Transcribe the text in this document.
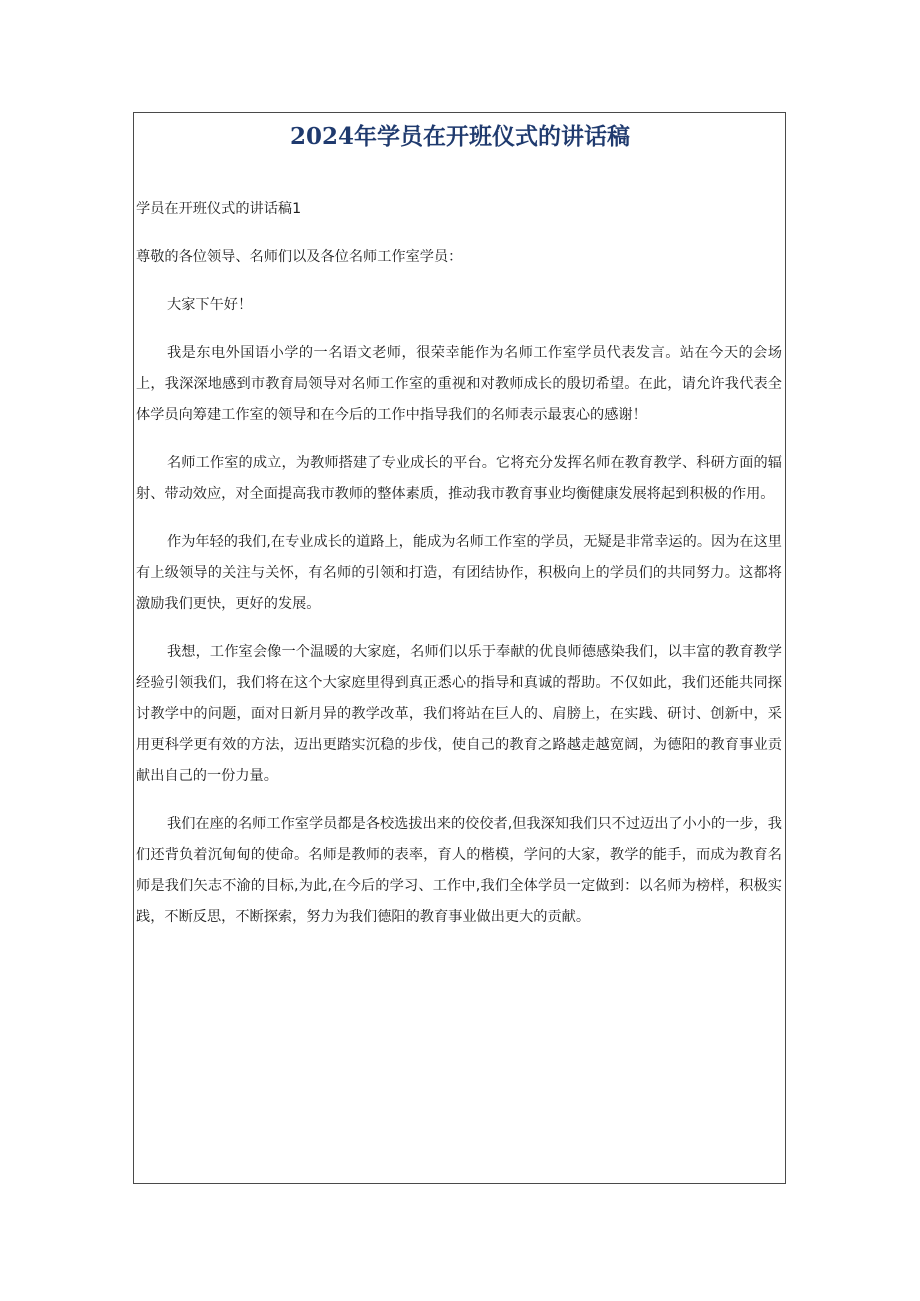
2024年学员在开班仪式的讲话稿

学员在开班仪式的讲话稿1

尊敬的各位领导、名师们以及各位名师工作室学员：

大家下午好！

我是东电外国语小学的一名语文老师，很荣幸能作为名师工作室学员代表发言。站在今天的会场上，我深深地感到市教育局领导对名师工作室的重视和对教师成长的殷切希望。在此，请允许我代表全体学员向筹建工作室的领导和在今后的工作中指导我们的名师表示最衷心的感谢！

名师工作室的成立，为教师搭建了专业成长的平台。它将充分发挥名师在教育教学、科研方面的辐射、带动效应，对全面提高我市教师的整体素质，推动我市教育事业均衡健康发展将起到积极的作用。

作为年轻的我们,在专业成长的道路上，能成为名师工作室的学员，无疑是非常幸运的。因为在这里有上级领导的关注与关怀，有名师的引领和打造，有团结协作，积极向上的学员们的共同努力。这都将激励我们更快，更好的发展。

我想，工作室会像一个温暖的大家庭，名师们以乐于奉献的优良师德感染我们，以丰富的教育教学经验引领我们，我们将在这个大家庭里得到真正悉心的指导和真诚的帮助。不仅如此，我们还能共同探讨教学中的问题，面对日新月异的教学改革，我们将站在巨人的、肩膀上，在实践、研讨、创新中，采用更科学更有效的方法，迈出更踏实沉稳的步伐，使自己的教育之路越走越宽阔，为德阳的教育事业贡献出自己的一份力量。

我们在座的名师工作室学员都是各校选拔出来的佼佼者,但我深知我们只不过迈出了小小的一步，我们还背负着沉甸甸的使命。名师是教师的表率，育人的楷模，学问的大家，教学的能手，而成为教育名师是我们矢志不渝的目标,为此,在今后的学习、工作中,我们全体学员一定做到：以名师为榜样，积极实践，不断反思，不断探索，努力为我们德阳的教育事业做出更大的贡献。
